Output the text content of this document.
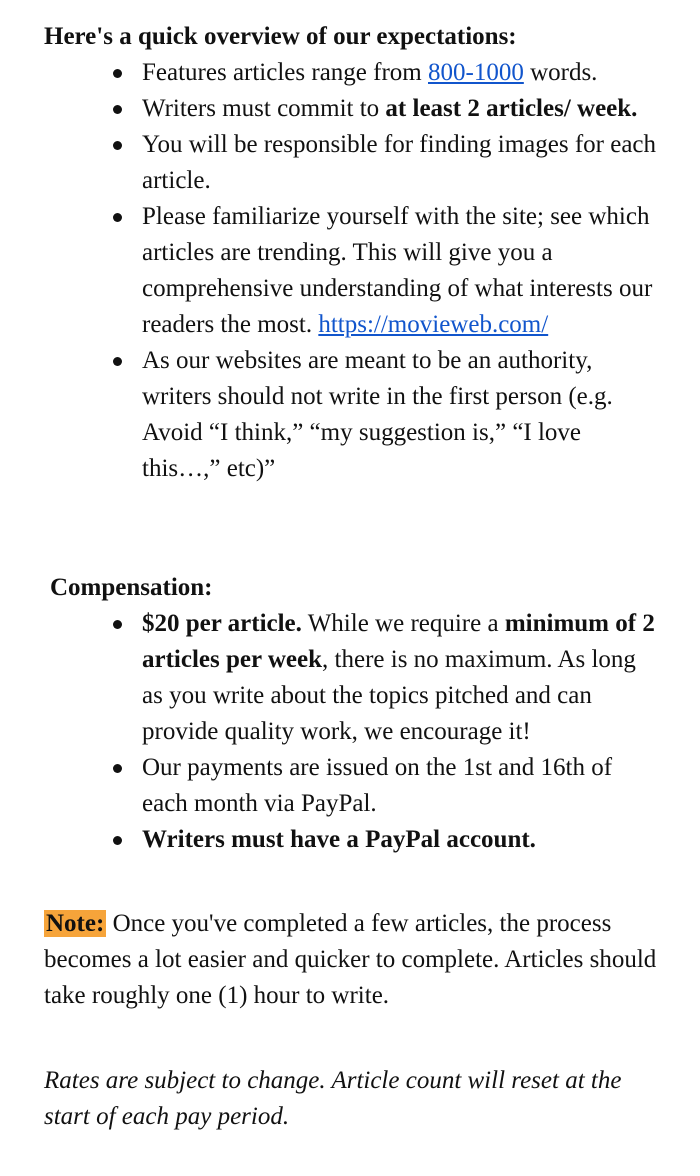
Here's a quick overview of our expectations:
Features articles range from 800-1000 words.
Writers must commit to at least 2 articles/ week.
You will be responsible for finding images for each article.
Please familiarize yourself with the site; see which articles are trending. This will give you a comprehensive understanding of what interests our readers the most. https://movieweb.com/
As our websites are meant to be an authority, writers should not write in the first person (e.g. Avoid “I think,” “my suggestion is,” “I love this…,” etc)”
Compensation:
$20 per article. While we require a minimum of 2 articles per week, there is no maximum. As long as you write about the topics pitched and can provide quality work, we encourage it!
Our payments are issued on the 1st and 16th of each month via PayPal.
Writers must have a PayPal account.

Note: Once you've completed a few articles, the process becomes a lot easier and quicker to complete. Articles should take roughly one (1) hour to write.

Rates are subject to change. Article count will reset at the start of each pay period.
